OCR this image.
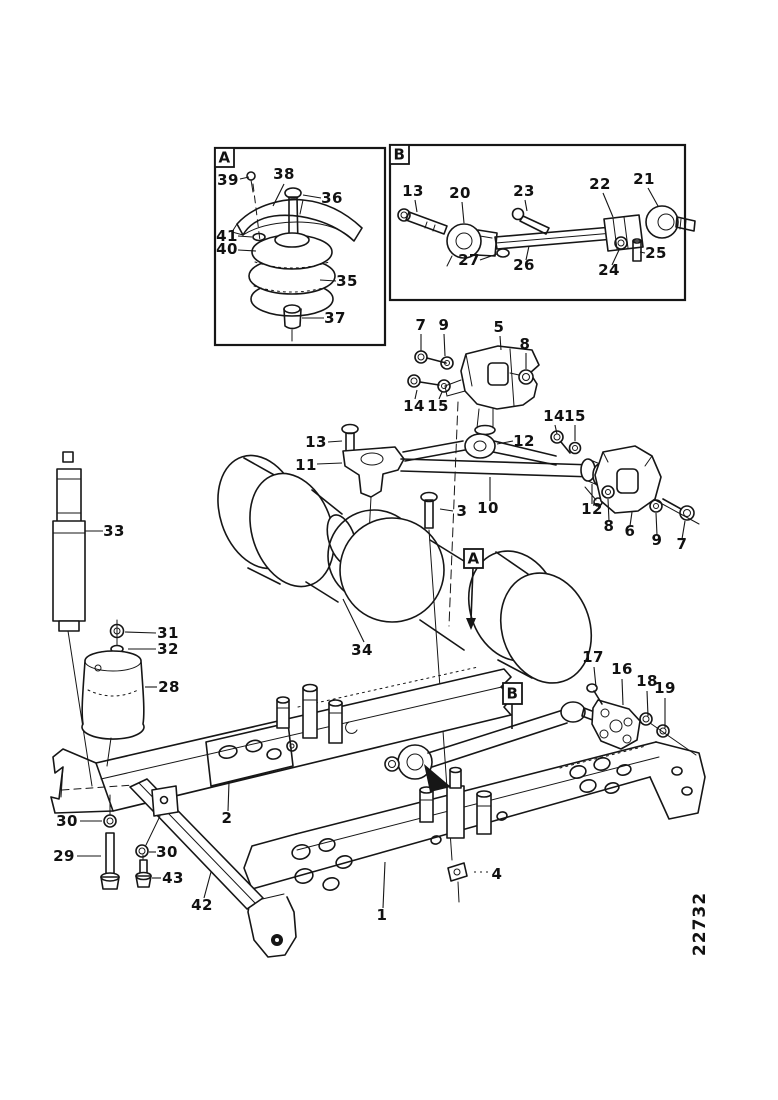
39 38
36
41
40
35
37
13 20	23	22 21
27 26	24
25
7 9	5
8
14 15
13
11
12
3 10
14 15
12
8 6 9 7
33
31
32
28
34
30
29	30
43
42
2
1
4
17
16
18
19
A
B
A	B
22732
